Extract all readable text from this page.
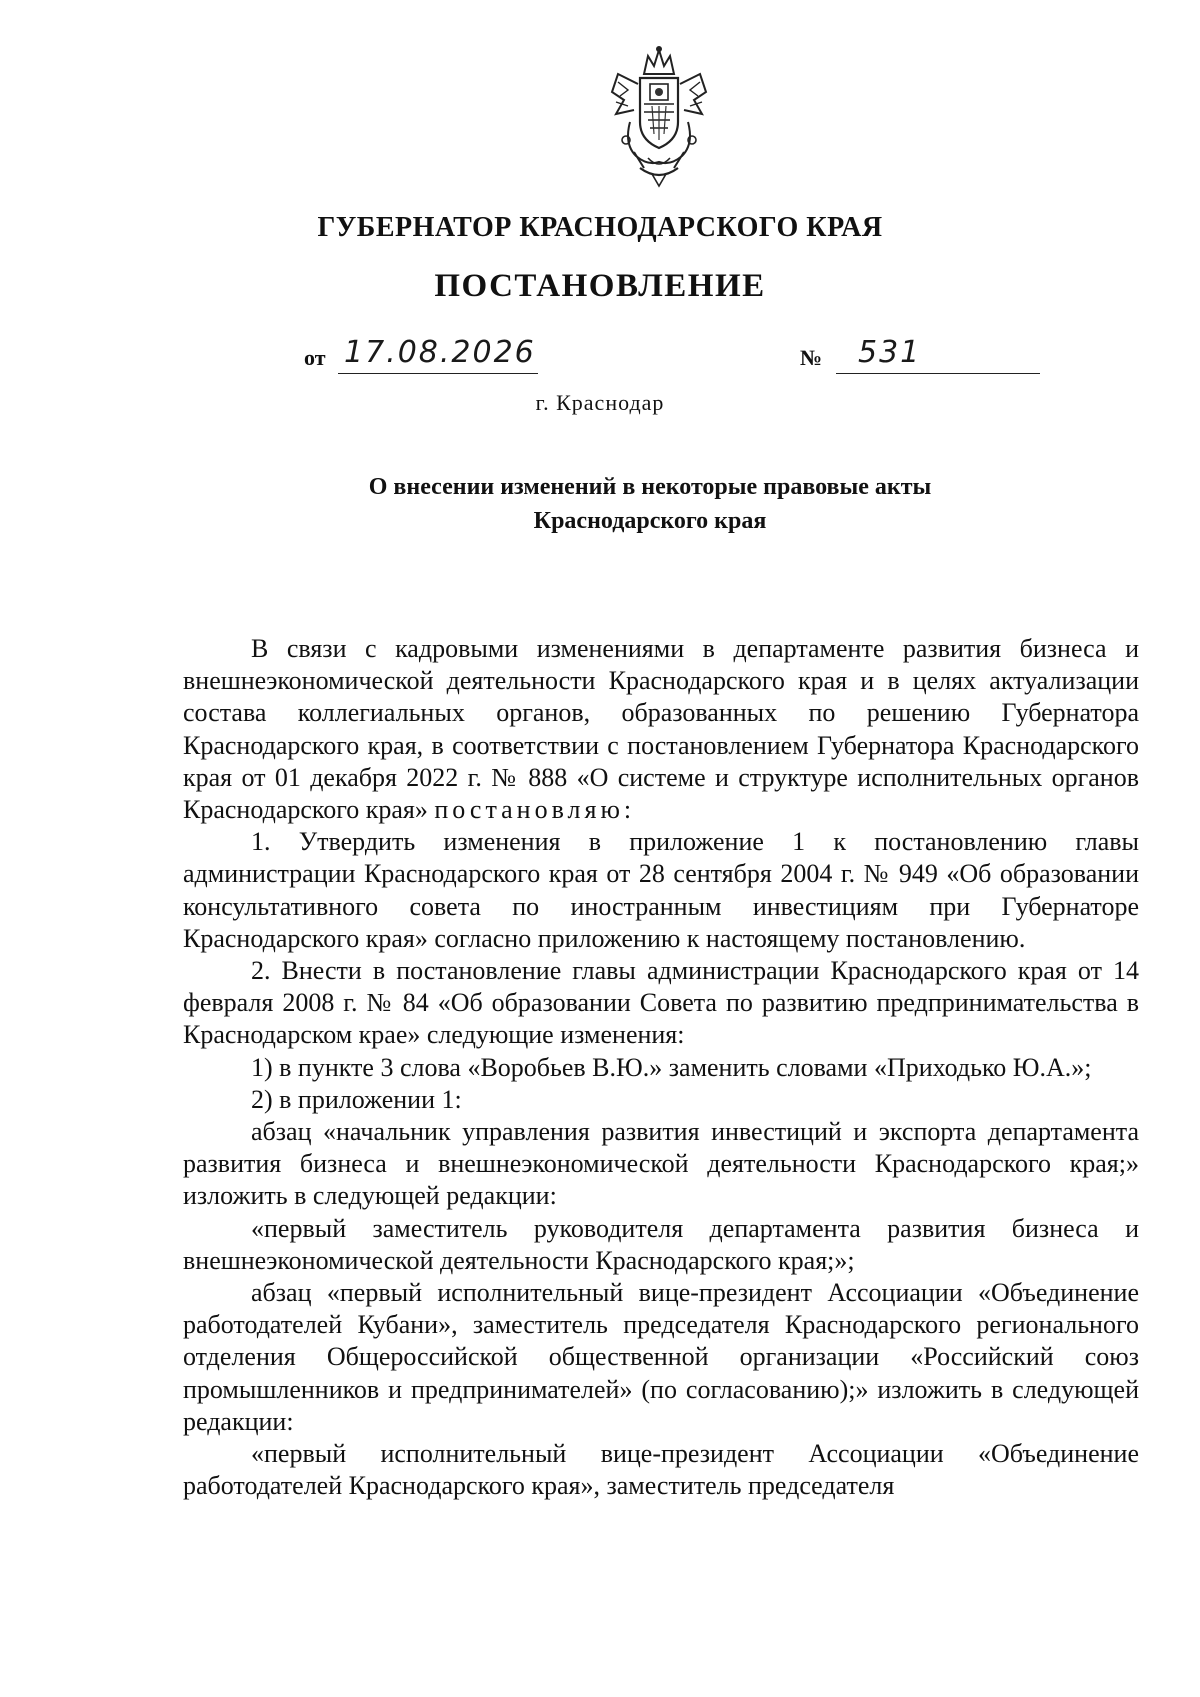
ГУБЕРНАТОР КРАСНОДАРСКОГО КРАЯ
ПОСТАНОВЛЕНИЕ
от 17.08.2026	№ 531
г. Краснодар
О внесении изменений в некоторые правовые акты
Краснодарского края

В связи с кадровыми изменениями в департаменте развития бизнеса и внешнеэкономической деятельности Краснодарского края и в целях актуализации состава коллегиальных органов, образованных по решению Губернатора Краснодарского края, в соответствии с постановлением Губернатора Краснодарского края от 01 декабря 2022 г. № 888 «О системе и структуре исполнительных органов Краснодарского края» постановляю:

1. Утвердить изменения в приложение 1 к постановлению главы администрации Краснодарского края от 28 сентября 2004 г. № 949 «Об образовании консультативного совета по иностранным инвестициям при Губернаторе Краснодарского края» согласно приложению к настоящему постановлению.

2. Внести в постановление главы администрации Краснодарского края от 14 февраля 2008 г. № 84 «Об образовании Совета по развитию предпринимательства в Краснодарском крае» следующие изменения:

1) в пункте 3 слова «Воробьев В.Ю.» заменить словами «Приходько Ю.А.»;

2) в приложении 1:

абзац «начальник управления развития инвестиций и экспорта департамента развития бизнеса и внешнеэкономической деятельности Краснодарского края;» изложить в следующей редакции:

«первый заместитель руководителя департамента развития бизнеса и внешнеэкономической деятельности Краснодарского края;»;

абзац «первый исполнительный вице-президент Ассоциации «Объединение работодателей Кубани», заместитель председателя Краснодарского регионального отделения Общероссийской общественной организации «Российский союз промышленников и предпринимателей» (по согласованию);» изложить в следующей редакции:

«первый исполнительный вице-президент Ассоциации «Объединение работодателей Краснодарского края», заместитель председателя
